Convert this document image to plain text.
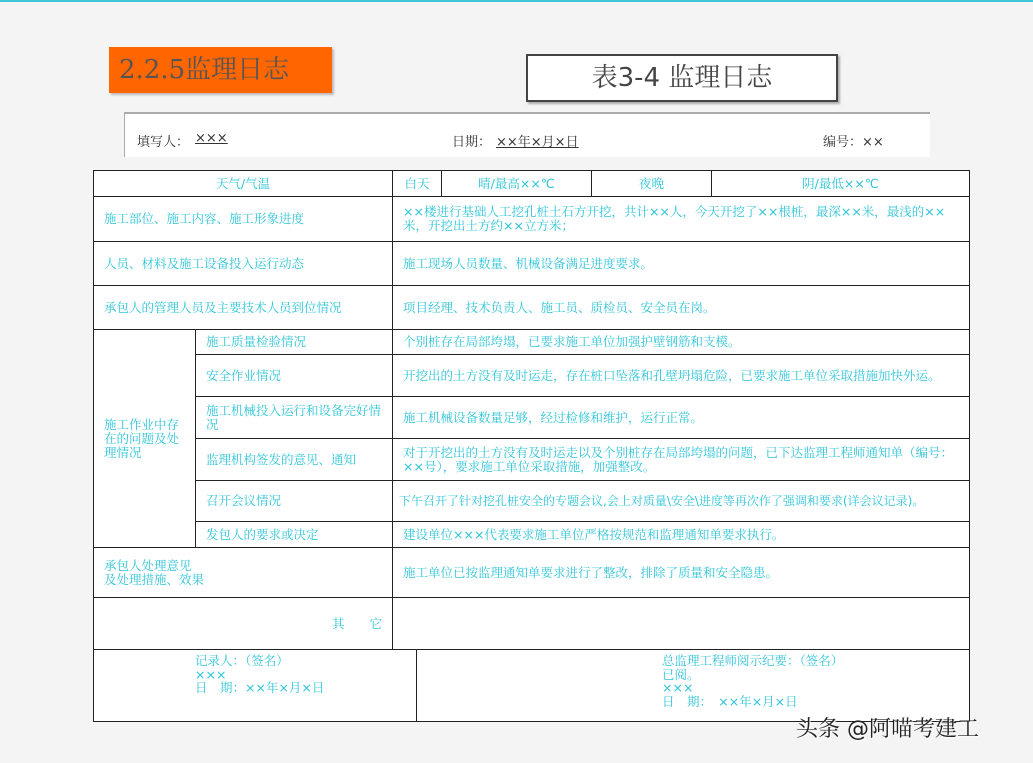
2.2.5监理日志	表3-4 监理日志
填写人： ×××	日期： ××年×月×日	编号：××
天气/气温	白天	晴/最高××℃	夜晚	阴/最低××℃
施工部位、施工内容、施工形象进度	××楼进行基础人工挖孔桩土石方开挖，共计××人，今天开挖了××根桩，最深××米，最浅的××米，开挖出土方约××立方米；
人员、材料及施工设备投入运行动态	施工现场人员数量、机械设备满足进度要求。
承包人的管理人员及主要技术人员到位情况	项目经理、技术负责人、施工员、质检员、安全员在岗。
施工作业中存在的问题及处理情况
施工质量检验情况	个别桩存在局部垮塌，已要求施工单位加强护壁钢筋和支模。
安全作业情况	开挖出的土方没有及时运走，存在桩口坠落和孔壁坍塌危险，已要求施工单位采取措施加快外运。
施工机械投入运行和设备完好情况	施工机械设备数量足够，经过检修和维护，运行正常。
监理机构签发的意见、通知	对于开挖出的土方没有及时运走以及个别桩存在局部垮塌的问题，已下达监理工程师通知单（编号：××号），要求施工单位采取措施，加强整改。
召开会议情况	下午召开了针对挖孔桩安全的专题会议,会上对质量\安全\进度等再次作了强调和要求(详会议记录)。
发包人的要求或决定	建设单位×××代表要求施工单位严格按规范和监理通知单要求执行。
承包人处理意见
及处理措施、效果	施工单位已按监理通知单要求进行了整改，排除了质量和安全隐患。
其　　它
记录人：（签名）
×××
日　期：××年×月×日
总监理工程师阅示纪要：（签名）
已阅。
×××
日　期：　××年×月×日
头条 @阿喵考建工
